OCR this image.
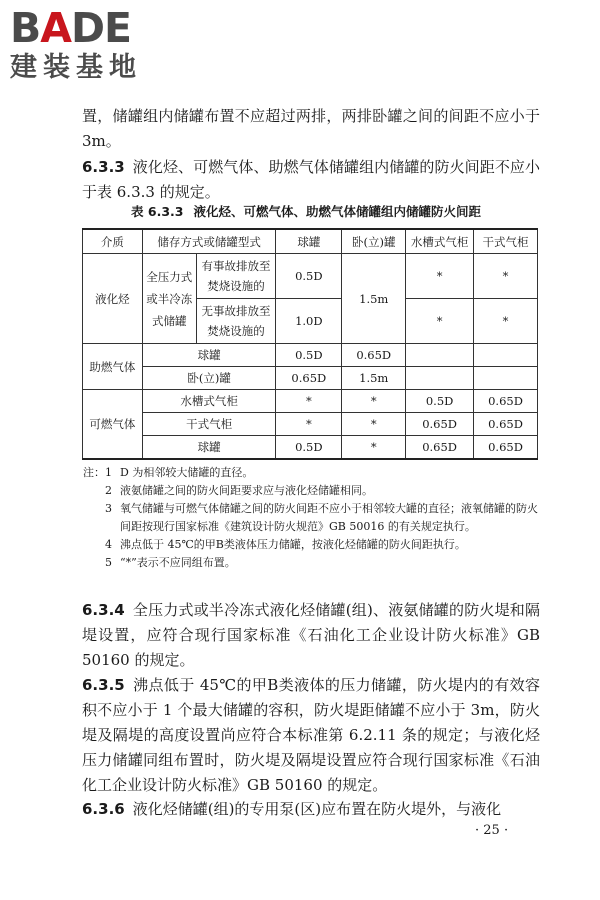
BADE
建装基地

置，储罐组内储罐布置不应超过两排，两排卧罐之间的间距不应小于 3m。

6.3.3 液化烃、可燃气体、助燃气体储罐组内储罐的防火间距不应小于表 6.3.3 的规定。

表 6.3.3 液化烃、可燃气体、助燃气体储罐组内储罐防火间距
介质	储存方式或储罐型式		球罐	卧(立)罐	水槽式气柜	干式气柜
液化烃	全压力式或半冷冻式储罐	有事故排放至焚烧设施的	0.5D	1.5m	*	*
		无事故排放至焚烧设施的	1.0D		*	*
助燃气体	球罐		0.5D	0.65D		
	卧(立)罐		0.65D	1.5m		
可燃气体	水槽式气柜		*	*	0.5D	0.65D
	干式气柜		*	*	0.65D	0.65D
	球罐		0.5D	*	0.65D	0.65D
注：1 D 为相邻较大储罐的直径。
2 液氨储罐之间的防火间距要求应与液化烃储罐相同。
3 氧气储罐与可燃气体储罐之间的防火间距不应小于相邻较大罐的直径；液氧储罐的防火间距按现行国家标准《建筑设计防火规范》GB 50016 的有关规定执行。
4 沸点低于 45℃的甲B类液体压力储罐，按液化烃储罐的防火间距执行。
5 “*”表示不应同组布置。

6.3.4 全压力式或半冷冻式液化烃储罐(组)、液氨储罐的防火堤和隔堤设置，应符合现行国家标准《石油化工企业设计防火标准》GB 50160 的规定。

6.3.5 沸点低于 45℃的甲B类液体的压力储罐，防火堤内的有效容积不应小于 1 个最大储罐的容积，防火堤距储罐不应小于 3m，防火堤及隔堤的高度设置尚应符合本标准第 6.2.11 条的规定；与液化烃压力储罐同组布置时，防火堤及隔堤设置应符合现行国家标准《石油化工企业设计防火标准》GB 50160 的规定。

6.3.6 液化烃储罐(组)的专用泵(区)应布置在防火堤外，与液化

· 25 ·
